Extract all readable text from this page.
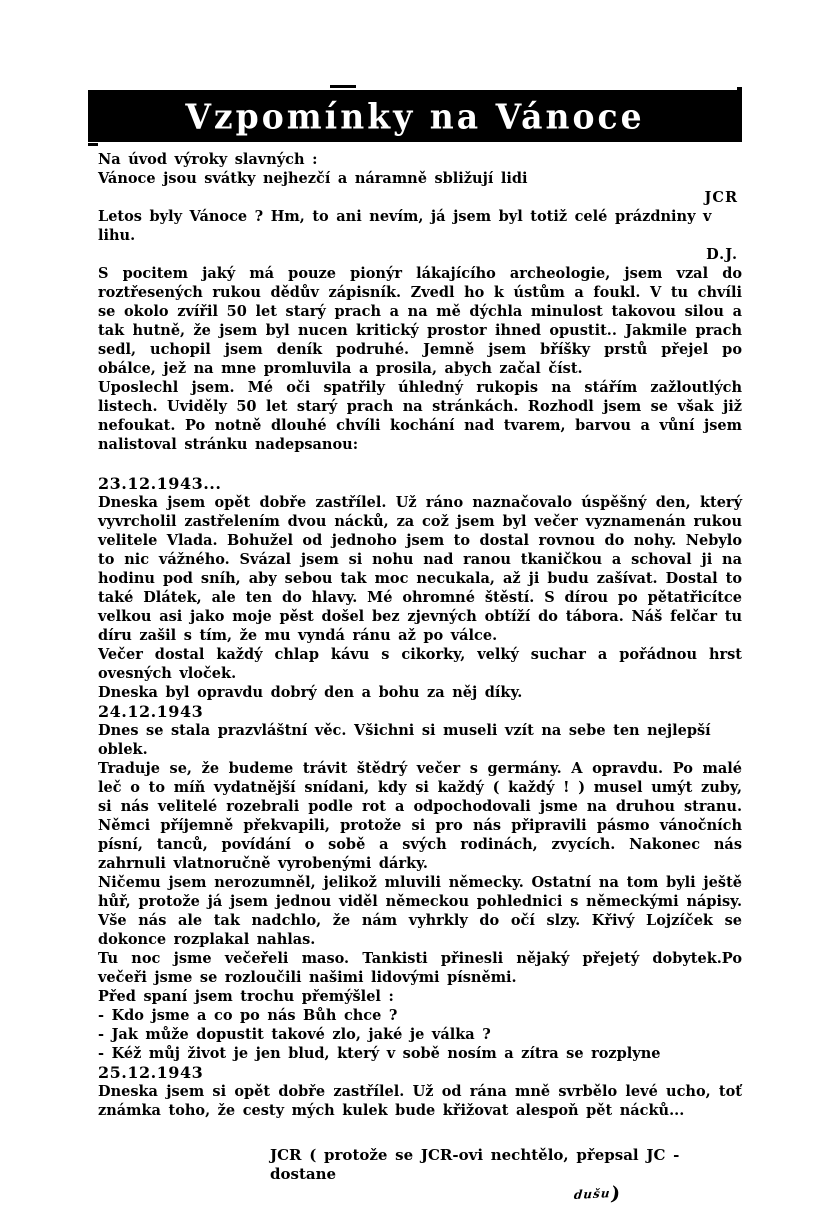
Vzpomínky na Vánoce
Na úvod výroky slavných :
Vánoce jsou svátky nejhezčí a náramně sbližují lidi
JCR
Letos byly Vánoce ? Hm, to ani nevím, já jsem byl totiž celé prázdniny v lihu.
D.J.
S pocitem jaký má pouze pionýr lákajícího archeologie, jsem vzal do roztřesených rukou dědův zápisník. Zvedl ho k ústům a foukl. V tu chvíli se okolo zvířil 50 let starý prach a na mě dýchla minulost takovou silou a tak hutně, že jsem byl nucen kritický prostor ihned opustit.. Jakmile prach sedl, uchopil jsem deník podruhé. Jemně jsem bříšky prstů přejel po obálce, jež na mne promluvila a prosila, abych začal číst.
Uposlechl jsem. Mé oči spatřily úhledný rukopis na stářím zažloutlých listech. Uviděly 50 let starý prach na stránkách. Rozhodl jsem se však již nefoukat. Po notně dlouhé chvíli kochání nad tvarem, barvou a vůní jsem nalistoval stránku nadepsanou:
23.12.1943...
Dneska jsem opět dobře zastřílel. Už ráno naznačovalo úspěšný den, který vyvrcholil zastřelením dvou nácků, za což jsem byl večer vyznamenán rukou velitele Vlada. Bohužel od jednoho jsem to dostal rovnou do nohy. Nebylo to nic vážného. Svázal jsem si nohu nad ranou tkaničkou a schoval ji na hodinu pod sníh, aby sebou tak moc necukala, až ji budu zašívat. Dostal to také Dlátek, ale ten do hlavy. Mé ohromné štěstí. S dírou po pětatřicítce velkou asi jako moje pěst došel bez zjevných obtíží do tábora. Náš felčar tu díru zašil s tím, že mu vyndá ránu až po válce.
Večer dostal každý chlap kávu s cikorky, velký suchar a pořádnou hrst ovesných vloček.
Dneska byl opravdu dobrý den a bohu za něj díky.
24.12.1943
Dnes se stala prazvláštní věc. Všichni si museli vzít na sebe ten nejlepší oblek.
Traduje se, že budeme trávit štědrý večer s germány. A opravdu. Po malé leč o to míň vydatnější snídani, kdy si každý ( každý ! ) musel umýt zuby, si nás velitelé rozebrali podle rot a odpochodovali jsme na druhou stranu. Němci příjemně překvapili, protože si pro nás připravili pásmo vánočních písní, tanců, povídání o sobě a svých rodinách, zvycích. Nakonec nás zahrnuli vlatnoručně vyrobenými dárky.
Ničemu jsem nerozumněl, jelikož mluvili německy. Ostatní na tom byli ještě hůř, protože já jsem jednou viděl německou pohlednici s německými nápisy. Vše nás ale tak nadchlo, že nám vyhrkly do očí slzy. Křivý Lojzíček se dokonce rozplakal nahlas.
Tu noc jsme večeřeli maso. Tankisti přinesli nějaký přejetý dobytek.Po večeři jsme se rozloučili našimi lidovými písněmi.
Před spaní jsem trochu přemýšlel :
- Kdo jsme a co po nás Bůh chce ?
- Jak může dopustit takové zlo, jaké je válka ?
- Kéž můj život je jen blud, který v sobě nosím a zítra se rozplyne
25.12.1943
Dneska jsem si opět dobře zastřílel. Už od rána mně svrbělo levé ucho, toť známka toho, že cesty mých kulek bude křižovat alespoň pět nácků...
JCR ( protože se JCR-ovi nechtělo, přepsal JC - dostane
dušu)
